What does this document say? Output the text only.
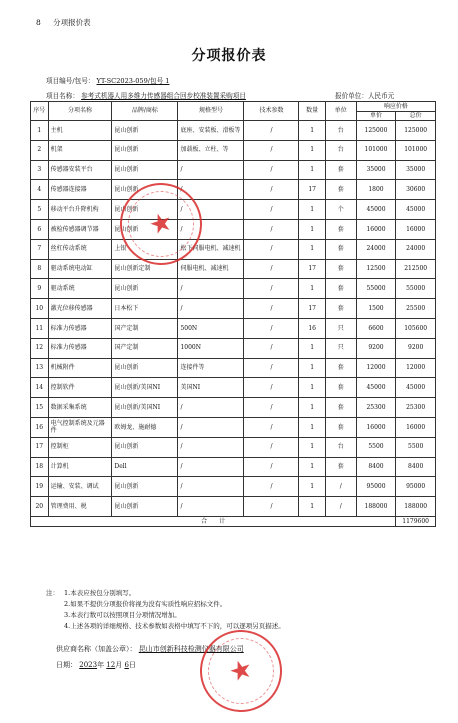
8 分项报价表
分项报价表
项目编号/包号： YT-SC2023-059/包号 1
项目名称： 参考式机器人用多维力传感器组合回步校准装置采购项目	报价单位：人民币元
序号	分项名称	品牌/商标	规格型号	技术参数	数量	单位	响应价格	
							单价	总价
1	主机	昆山创新	底座、安装板、滑板等	/	1	台	125000	125000
2	机架	昆山创新	加载板、立柱、等	/	1	台	101000	101000
3	传感器安装平台	昆山创新	/	/	1	套	35000	35000
4	传感器连接器	昆山创新	/	/	17	套	1800	30600
5	移动平台升降机构	昆山创新	/	/	1	个	45000	45000
6	被检传感器调节器	昆山创新	/	/	1	套	16000	16000
7	丝杠传动系统	上银	松下伺服电机、减速机	/	1	套	24000	24000
8	驱动系统电动缸	昆山创新定制	伺服电机、减速机	/	17	套	12500	212500
9	驱动系统	昆山创新	/	/	1	套	55000	55000
10	激光位移传感器	日本松下	/	/	17	套	1500	25500
11	标准力传感器	国产定制	500N	/	16	只	6600	105600
12	标准力传感器	国产定制	1000N	/	1	只	9200	9200
13	机械附件	昆山创新	连接件等	/	1	套	12000	12000
14	控制软件	昆山创新/美国NI	美国NI	/	1	套	45000	45000
15	数据采集系统	昆山创新/美国NI	/	/	1	套	25300	25300
16	电气控制系统及元器件	欧姆龙、施耐德	/	/	1	套	16000	16000
17	控制柜	昆山创新	/	/	1	台	5500	5500
18	计算机	Dell	/	/	1	套	8400	8400
19	运输、安装、调试	昆山创新	/	/	1	/	95000	95000
20	管理费用、税	昆山创新	/	/	1	/	188000	188000
合　　计								1179600
★
注： 1.本表应按包分别填写。
2.如果不提供分项报价将视为没有实质性响应招标文件。
3.本表行数可以按照项目分项情况增加。
4.上述各项的详细规格、技术参数如表格中填写不下的，可以逐项另页描述。
供应商名称（加盖公章）： 昆山市创新科技检测仪器有限公司
日期： 2023年 12月 6日	★
